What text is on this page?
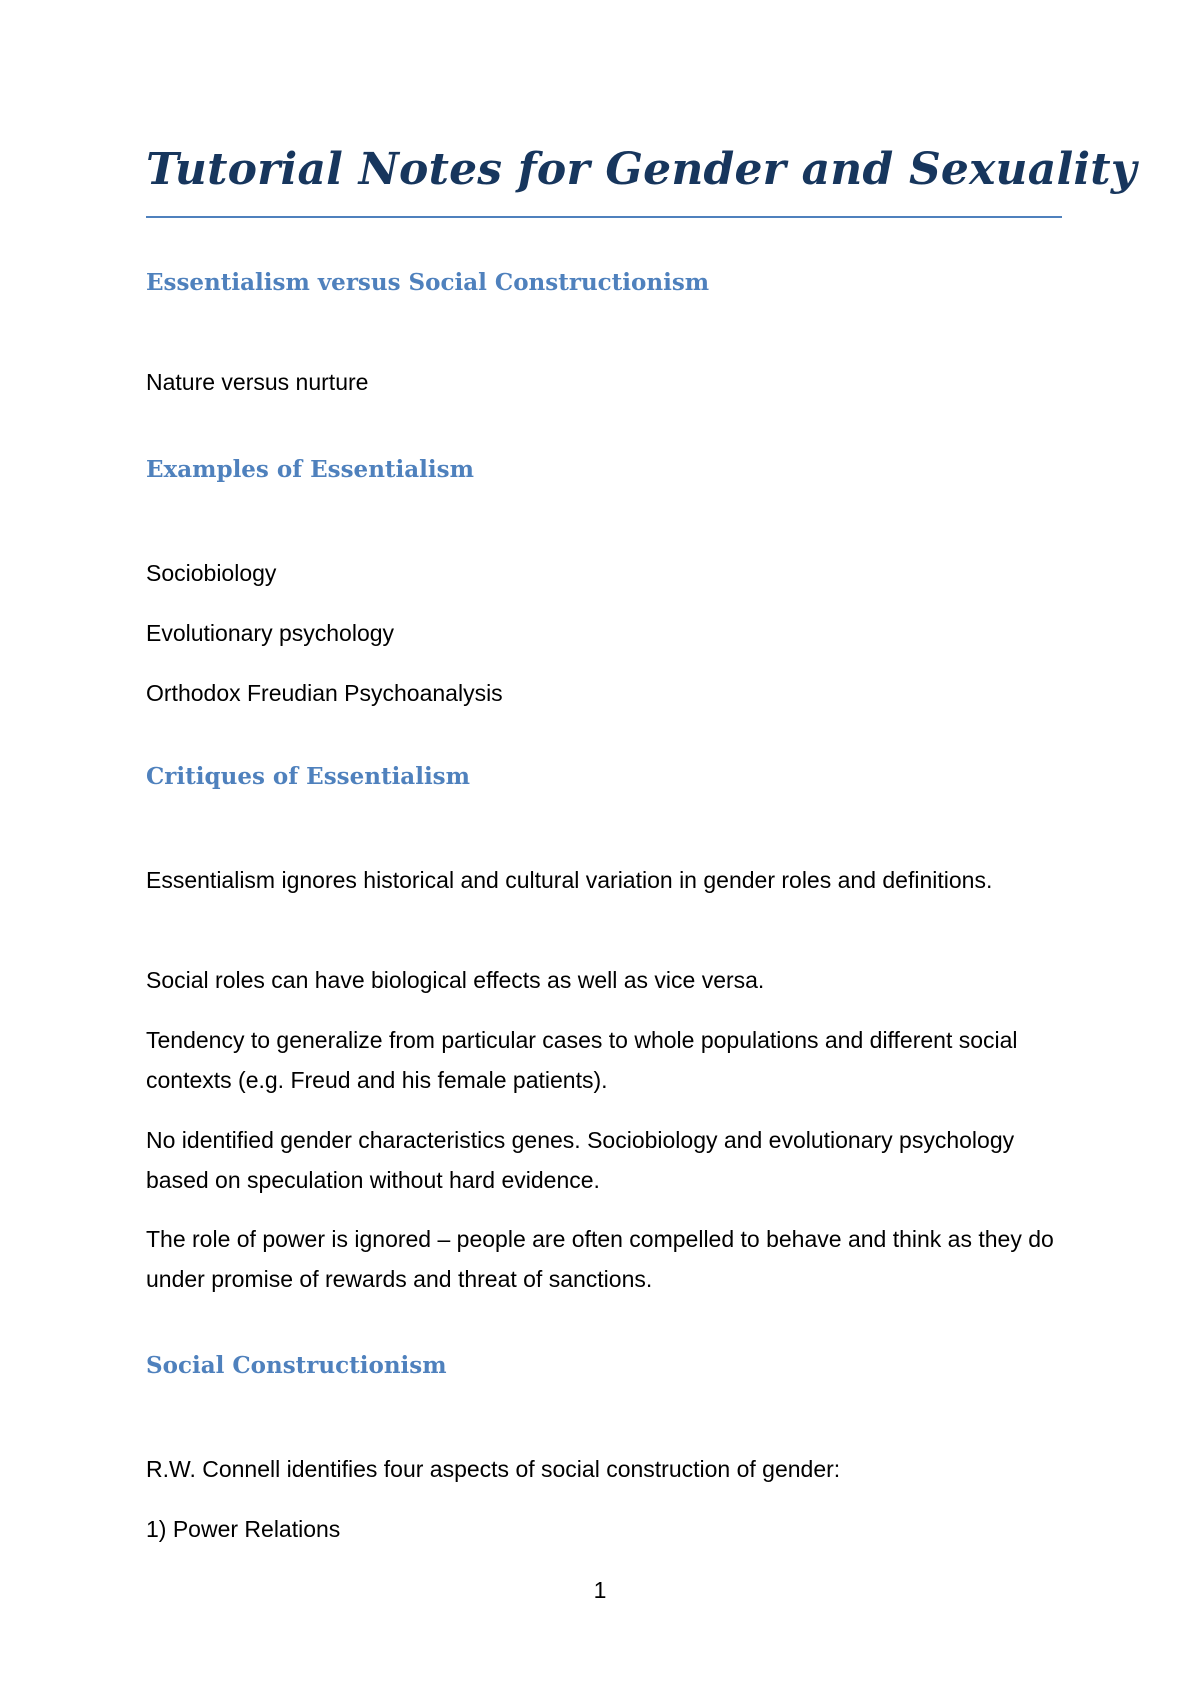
Tutorial Notes for Gender and Sexuality
Essentialism versus Social Constructionism

Nature versus nurture

Examples of Essentialism

Sociobiology

Evolutionary psychology

Orthodox Freudian Psychoanalysis

Critiques of Essentialism

Essentialism ignores historical and cultural variation in gender roles and definitions.

Social roles can have biological effects as well as vice versa.

Tendency to generalize from particular cases to whole populations and different social contexts (e.g. Freud and his female patients).

No identified gender characteristics genes. Sociobiology and evolutionary psychology based on speculation without hard evidence.

The role of power is ignored – people are often compelled to behave and think as they do under promise of rewards and threat of sanctions.

Social Constructionism

R.W. Connell identifies four aspects of social construction of gender:

1) Power Relations

1
